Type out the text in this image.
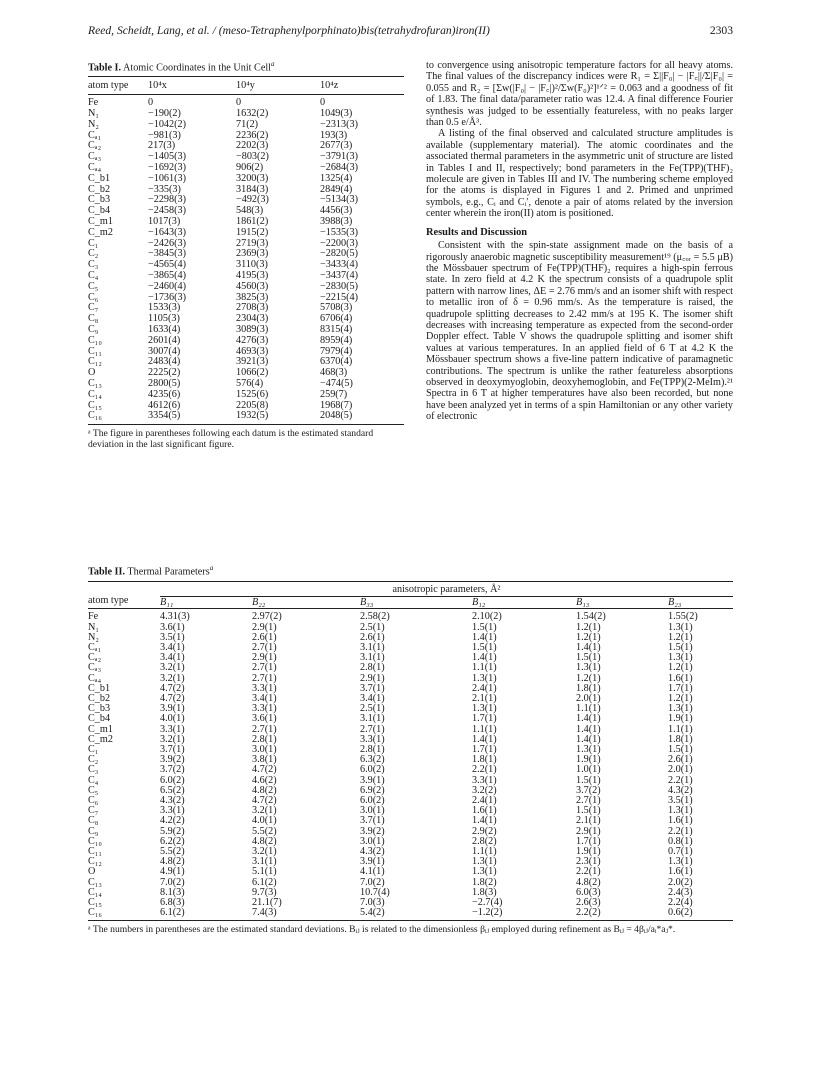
Reed, Scheidt, Lang, et al. / (meso-Tetraphenylporphinato)bis(tetrahydrofuran)iron(II)	2303
Table I. Atomic Coordinates in the Unit Cell$^a$
atom type	10⁴x	10⁴y	10⁴z
Fe	0	0	0
N₁	−190(2)	1632(2)	1049(3)
N₂	−1042(2)	71(2)	−2313(3)
Cₐ₁	−981(3)	2236(2)	193(3)
Cₐ₂	217(3)	2202(3)	2677(3)
Cₐ₃	−1405(3)	−803(2)	−3791(3)
Cₐ₄	−1692(3)	906(2)	−2684(3)
C_b1	−1061(3)	3200(3)	1325(4)
C_b2	−335(3)	3184(3)	2849(4)
C_b3	−2298(3)	−492(3)	−5134(3)
C_b4	−2458(3)	548(3)	4456(3)
C_m1	1017(3)	1861(2)	3988(3)
C_m2	−1643(3)	1915(2)	−1535(3)
C₁	−2426(3)	2719(3)	−2200(3)
C₂	−3845(3)	2369(3)	−2820(5)
C₃	−4565(4)	3110(3)	−3433(4)
C₄	−3865(4)	4195(3)	−3437(4)
C₅	−2460(4)	4560(3)	−2830(5)
C₆	−1736(3)	3825(3)	−2215(4)
C₇	1533(3)	2708(3)	5708(3)
C₈	1105(3)	2304(3)	6706(4)
C₉	1633(4)	3089(3)	8315(4)
C₁₀	2601(4)	4276(3)	8959(4)
C₁₁	3007(4)	4693(3)	7979(4)
C₁₂	2483(4)	3921(3)	6370(4)
O	2225(2)	1066(2)	468(3)
C₁₃	2800(5)	576(4)	−474(5)
C₁₄	4235(6)	1525(6)	259(7)
C₁₅	4612(6)	2205(8)	1968(7)
C₁₆	3354(5)	1932(5)	2048(5)
ᵃ The figure in parentheses following each datum is the estimated standard deviation in the last significant figure.

to convergence using anisotropic temperature factors for all heavy atoms. The final values of the discrepancy indices were R₁ = Σ||F₀| − |F꜀||/Σ|F₀| = 0.055 and R₂ = [Σw(|F₀| − |F꜀|)²/Σw(F₀)²]¹ᐟ² = 0.063 and a goodness of fit of 1.83. The final data/parameter ratio was 12.4. A final difference Fourier synthesis was judged to be essentially featureless, with no peaks larger than 0.5 e/Å³.

A listing of the final observed and calculated structure amplitudes is available (supplementary material). The atomic coordinates and the associated thermal parameters in the asymmetric unit of structure are listed in Tables I and II, respectively; bond parameters in the Fe(TPP)(THF)₂ molecule are given in Tables III and IV. The numbering scheme employed for the atoms is displayed in Figures 1 and 2. Primed and unprimed symbols, e.g., Cᵢ and Cᵢ′, denote a pair of atoms related by the inversion center wherein the iron(II) atom is positioned.

Results and Discussion

Consistent with the spin-state assignment made on the basis of a rigorously anaerobic magnetic susceptibility measurement¹⁹ (μ꜀ₒᵣ = 5.5 μB) the Mössbauer spectrum of Fe(TPP)(THF)₂ requires a high-spin ferrous state. In zero field at 4.2 K the spectrum consists of a quadrupole split pattern with narrow lines, ΔE = 2.76 mm/s and an isomer shift with respect to metallic iron of δ = 0.96 mm/s. As the temperature is raised, the quadrupole splitting decreases to 2.42 mm/s at 195 K. The isomer shift decreases with increasing temperature as expected from the second-order Doppler effect. Table V shows the quadrupole splitting and isomer shift values at various temperatures. In an applied field of 6 T at 4.2 K the Mössbauer spectrum shows a five-line pattern indicative of paramagnetic contributions. The spectrum is unlike the rather featureless absorptions observed in deoxymyoglobin, deoxyhemoglobin, and Fe(TPP)(2-MeIm).²¹ Spectra in 6 T at higher temperatures have also been recorded, but none have been analyzed yet in terms of a spin Hamiltonian or any other variety of electronic

Table II. Thermal Parameters$^a$
	anisotropic parameters, Å²					
atom type	B₁₁	B₂₂	B₃₃	B₁₂	B₁₃	B₂₃
Fe	4.31(3)	2.97(2)	2.58(2)	2.10(2)	1.54(2)	1.55(2)
N₁	3.6(1)	2.9(1)	2.5(1)	1.5(1)	1.2(1)	1.3(1)
N₂	3.5(1)	2.6(1)	2.6(1)	1.4(1)	1.2(1)	1.2(1)
Cₐ₁	3.4(1)	2.7(1)	3.1(1)	1.5(1)	1.4(1)	1.5(1)
Cₐ₂	3.4(1)	2.9(1)	3.1(1)	1.4(1)	1.5(1)	1.3(1)
Cₐ₃	3.2(1)	2.7(1)	2.8(1)	1.1(1)	1.3(1)	1.2(1)
Cₐ₄	3.2(1)	2.7(1)	2.9(1)	1.3(1)	1.2(1)	1.6(1)
C_b1	4.7(2)	3.3(1)	3.7(1)	2.4(1)	1.8(1)	1.7(1)
C_b2	4.7(2)	3.4(1)	3.4(1)	2.1(1)	2.0(1)	1.2(1)
C_b3	3.9(1)	3.3(1)	2.5(1)	1.3(1)	1.1(1)	1.3(1)
C_b4	4.0(1)	3.6(1)	3.1(1)	1.7(1)	1.4(1)	1.9(1)
C_m1	3.3(1)	2.7(1)	2.7(1)	1.1(1)	1.4(1)	1.1(1)
C_m2	3.2(1)	2.8(1)	3.3(1)	1.4(1)	1.4(1)	1.8(1)
C₁	3.7(1)	3.0(1)	2.8(1)	1.7(1)	1.3(1)	1.5(1)
C₂	3.9(2)	3.8(1)	6.3(2)	1.8(1)	1.9(1)	2.6(1)
C₃	3.7(2)	4.7(2)	6.0(2)	2.2(1)	1.0(1)	2.0(1)
C₄	6.0(2)	4.6(2)	3.9(1)	3.3(1)	1.5(1)	2.2(1)
C₅	6.5(2)	4.8(2)	6.9(2)	3.2(2)	3.7(2)	4.3(2)
C₆	4.3(2)	4.7(2)	6.0(2)	2.4(1)	2.7(1)	3.5(1)
C₇	3.3(1)	3.2(1)	3.0(1)	1.6(1)	1.5(1)	1.3(1)
C₈	4.2(2)	4.0(1)	3.7(1)	1.4(1)	2.1(1)	1.6(1)
C₉	5.9(2)	5.5(2)	3.9(2)	2.9(2)	2.9(1)	2.2(1)
C₁₀	6.2(2)	4.8(2)	3.0(1)	2.8(2)	1.7(1)	0.8(1)
C₁₁	5.5(2)	3.2(1)	4.3(2)	1.1(1)	1.9(1)	0.7(1)
C₁₂	4.8(2)	3.1(1)	3.9(1)	1.3(1)	2.3(1)	1.3(1)
O	4.9(1)	5.1(1)	4.1(1)	1.3(1)	2.2(1)	1.6(1)
C₁₃	7.0(2)	6.1(2)	7.0(2)	1.8(2)	4.8(2)	2.0(2)
C₁₄	8.1(3)	9.7(3)	10.7(4)	1.8(3)	6.0(3)	2.4(3)
C₁₅	6.8(3)	21.1(7)	7.0(3)	−2.7(4)	2.6(3)	2.2(4)
C₁₆	6.1(2)	7.4(3)	5.4(2)	−1.2(2)	2.2(2)	0.6(2)
ᵃ The numbers in parentheses are the estimated standard deviations. Bᵢⱼ is related to the dimensionless βᵢⱼ employed during refinement as Bᵢⱼ = 4βᵢⱼ/aᵢ*aⱼ*.
